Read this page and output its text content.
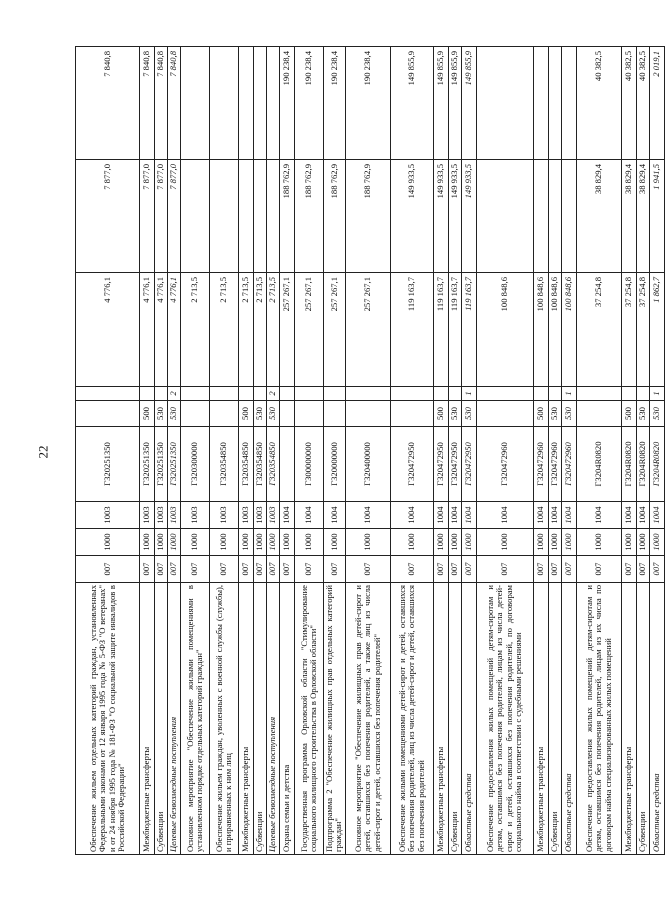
22
Обеспечение жильем отдельных категорий граждан, установленных Федеральными законами от 12 января 1995 года № 5-ФЗ "О ветеранах" и от 24 ноября 1995 года № 181-ФЗ "О социальной защите инвалидов в Российской Федерации"	007	1000	1003	Г320251350			4 776,1	7 877,0	7 840,8
Межбюджетные трансферты	007	1000	1003	Г320251350	500		4 776,1	7 877,0	7 840,8
Субвенции	007	1000	1003	Г320251350	530		4 776,1	7 877,0	7 840,8
Целевые безвозмездные поступления	007	1000	1003	Г320251350	530	2	4 776,1	7 877,0	7 840,8
Основное мероприятие "Обеспечение жилыми помещениями в установленном порядке отдельных категорий граждан"	007	1000	1003	Г320300000			2 713,5		
Обеспечение жильем граждан, уволенных с военной службы (службы), и приравненных к ним лиц	007	1000	1003	Г320354850			2 713,5		
Межбюджетные трансферты	007	1000	1003	Г320354850	500		2 713,5		
Субвенции	007	1000	1003	Г320354850	530		2 713,5		
Целевые безвозмездные поступления	007	1000	1003	Г320354850	530	2	2 713,5		
Охрана семьи и детства	007	1000	1004				257 267,1	188 762,9	190 238,4
Государственная программа Орловской области "Стимулирование социального жилищного строительства в Орловской области"	007	1000	1004	Г300000000			257 267,1	188 762,9	190 238,4
Подпрограмма 2 "Обеспечение жилищных прав отдельных категорий граждан"	007	1000	1004	Г320000000			257 267,1	188 762,9	190 238,4
Основное мероприятие "Обеспечение жилищных прав детей-сирот и детей, оставшихся без попечения родителей, а также лиц из числа детей-сирот и детей, оставшихся без попечения родителей"	007	1000	1004	Г320400000			257 267,1	188 762,9	190 238,4
Обеспечение жилыми помещениями детей-сирот и детей, оставшихся без попечения родителей, лиц из числа детей-сирот и детей, оставшихся без попечения родителей	007	1000	1004	Г320472950			119 163,7	149 933,5	149 855,9
Межбюджетные трансферты	007	1000	1004	Г320472950	500		119 163,7	149 933,5	149 855,9
Субвенции	007	1000	1004	Г320472950	530		119 163,7	149 933,5	149 855,9
Областные средства	007	1000	1004	Г320472950	530	1	119 163,7	149 933,5	149 855,9
Обеспечение предоставления жилых помещений детям-сиротам и детям, оставшимся без попечения родителей, лицам из числа детей-сирот и детей, оставшихся без попечения родителей, по договорам социального найма в соответствии с судебными решениями	007	1000	1004	Г320472960			100 848,6		
Межбюджетные трансферты	007	1000	1004	Г320472960	500		100 848,6		
Субвенции	007	1000	1004	Г320472960	530		100 848,6		
Областные средства	007	1000	1004	Г320472960	530	1	100 848,6		
Обеспечение предоставления жилых помещений детям-сиротам и детям, оставшимся без попечения родителей, лицам из их числа по договорам найма специализированных жилых помещений	007	1000	1004	Г3204R0820			37 254,8	38 829,4	40 382,5
Межбюджетные трансферты	007	1000	1004	Г3204R0820	500		37 254,8	38 829,4	40 382,5
Субвенции	007	1000	1004	Г3204R0820	530		37 254,8	38 829,4	40 382,5
Областные средства	007	1000	1004	Г3204R0820	530	1	1 862,7	1 941,5	2 019,1
